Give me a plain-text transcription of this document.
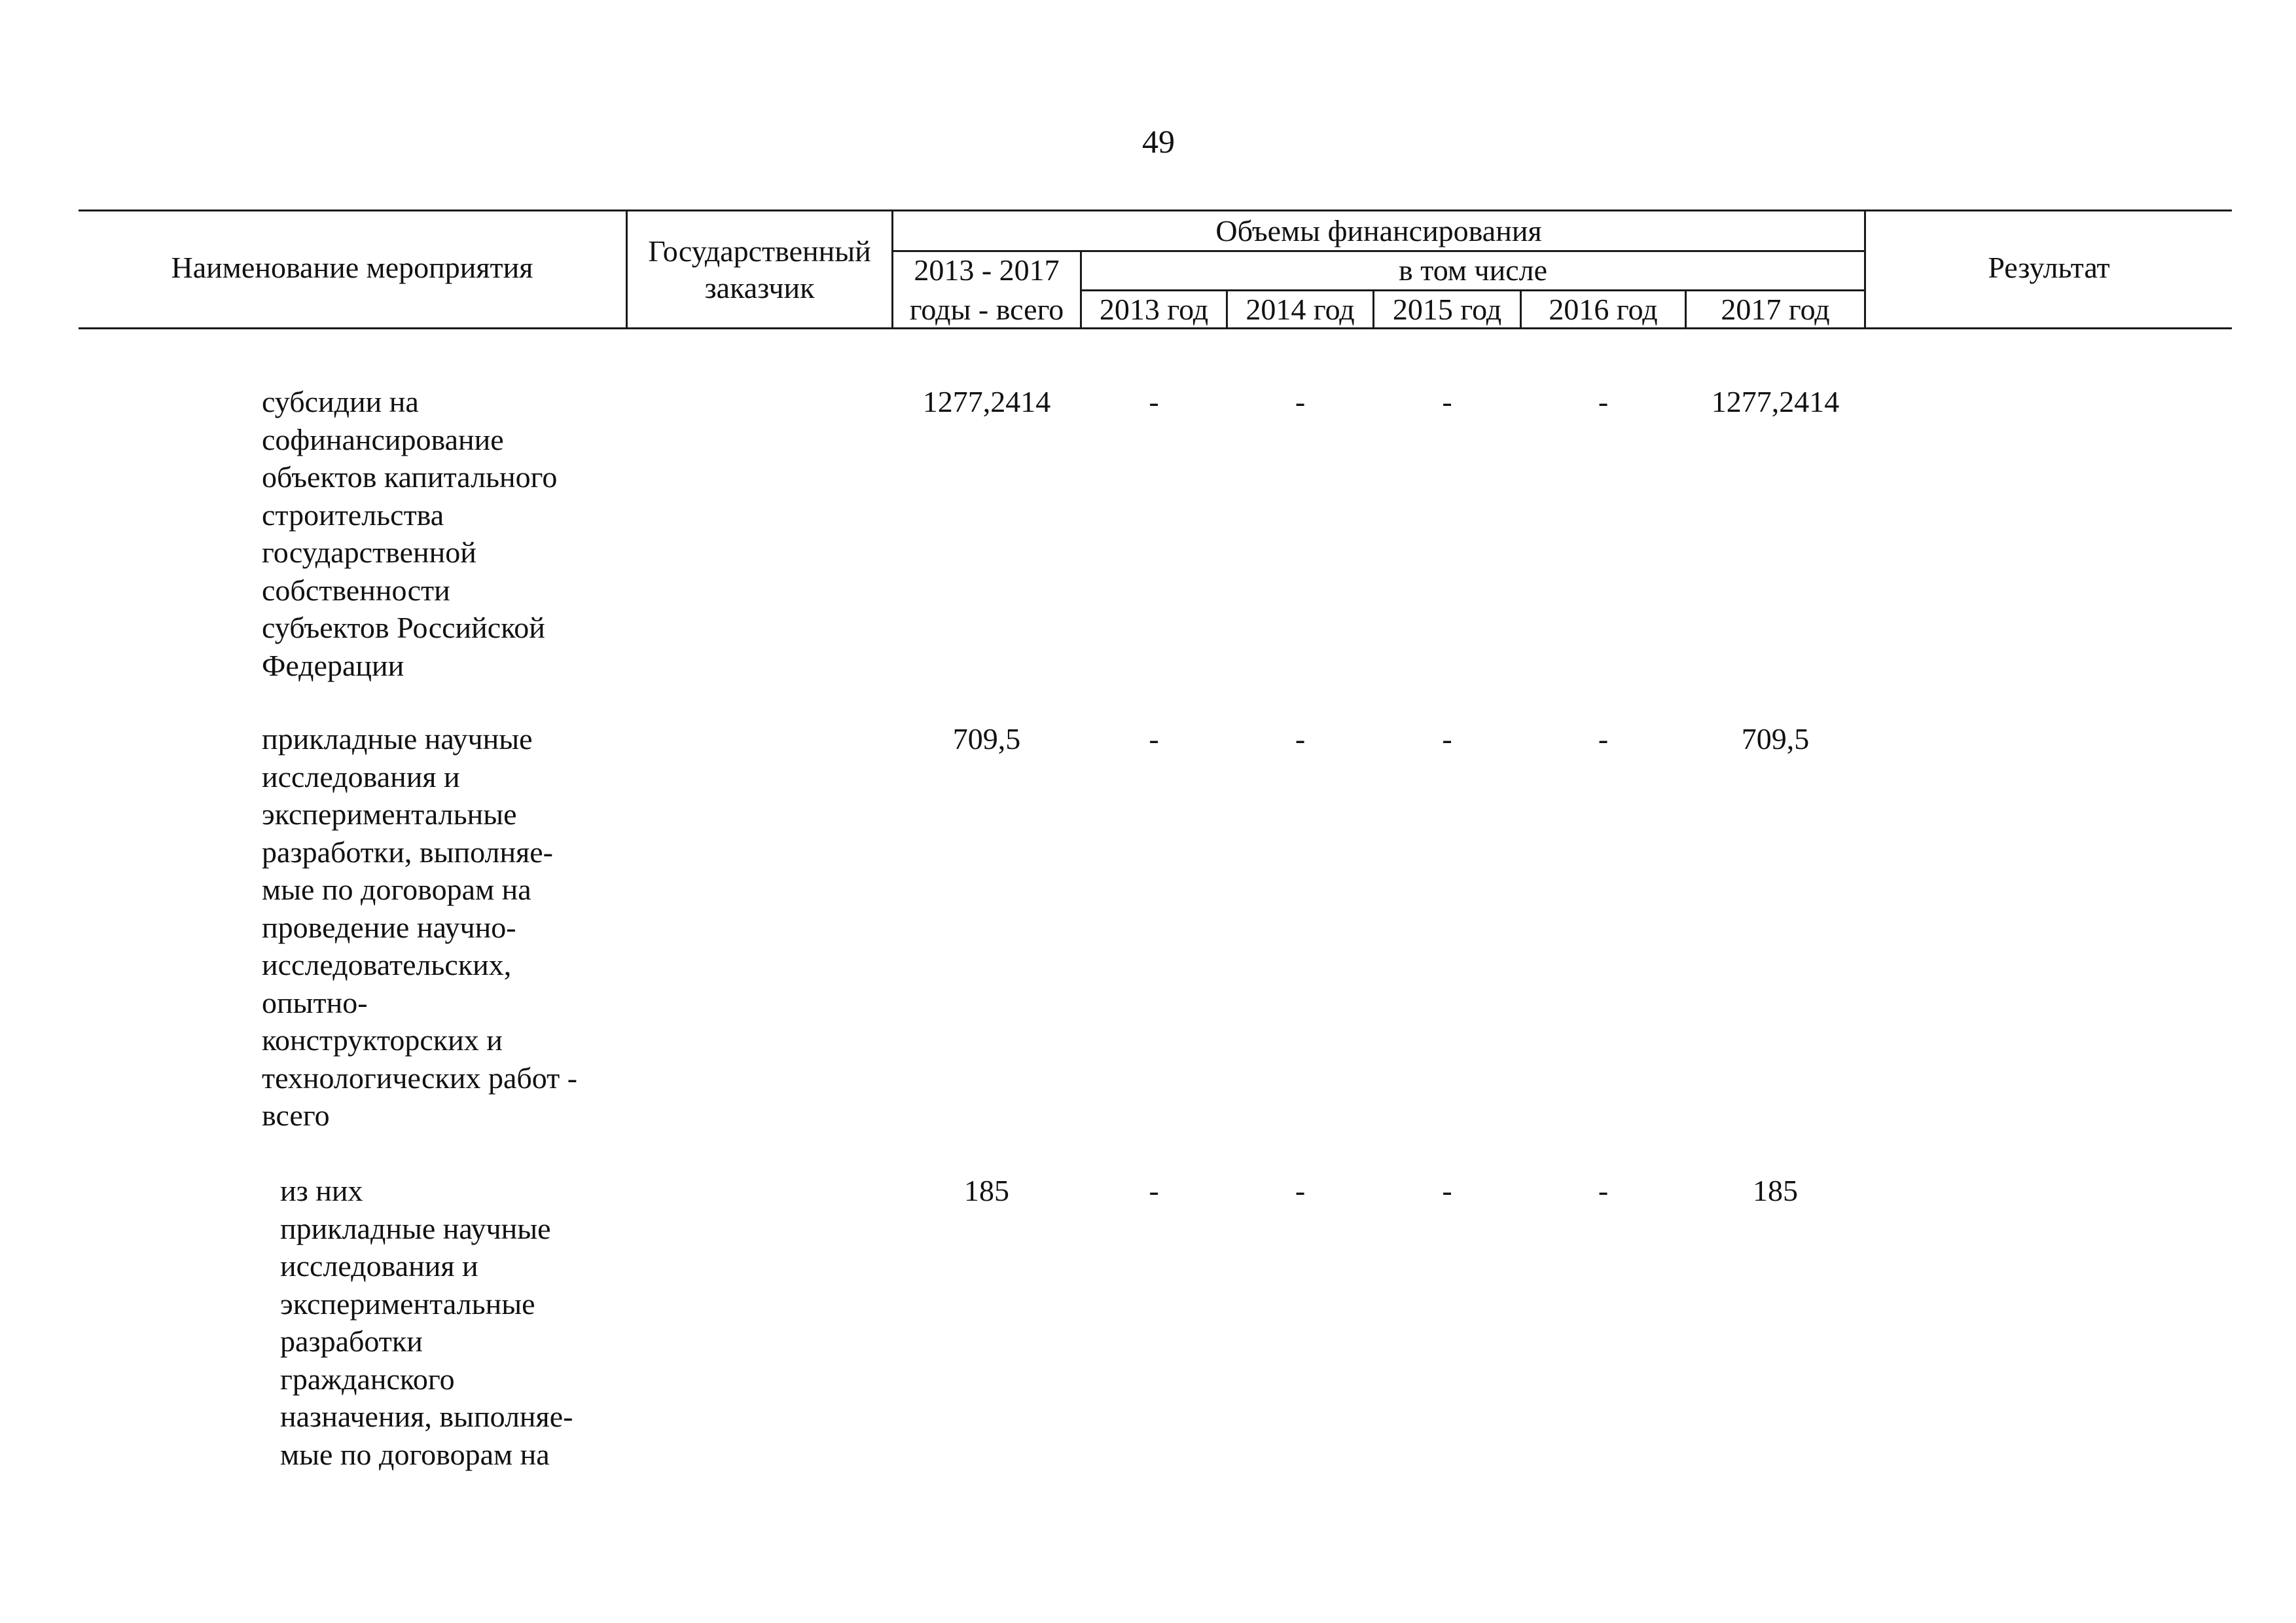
49
Наименование мероприятия	Государственный заказчик
Объемы финансирования
2013 - 2017
годы - всего
в том числе
2013 год	2014 год	2015 год	2016 год	2017 год
Результат
субсидии на
софинансирование
объектов капитального
строительства
государственной
собственности
субъектов Российской
Федерации
1277,2414	-	-	-	-	1277,2414
прикладные научные
исследования и
экспериментальные
разработки, выполняе-
мые по договорам на
проведение научно-
исследовательских,
опытно-
конструкторских и
технологических работ -
всего
709,5	-	-	-	-	709,5
из них
прикладные научные
исследования и
экспериментальные
разработки
гражданского
назначения, выполняе-
мые по договорам на
185	-	-	-	-	185
